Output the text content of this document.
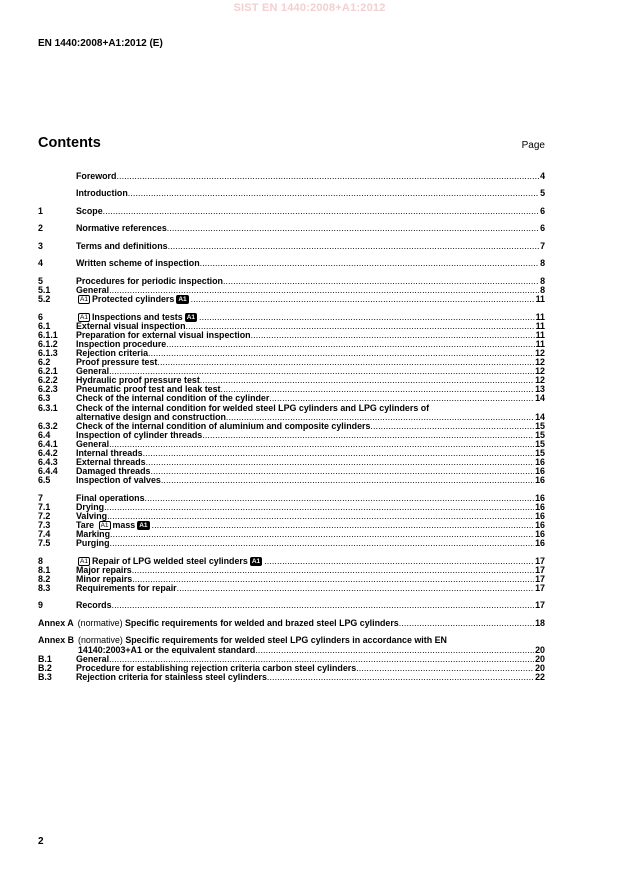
SIST EN 1440:2008+A1:2012
EN 1440:2008+A1:2012 (E)
Contents	Page
Foreword .....	4
Introduction .....	5
1	Scope .....	6
2	Normative references .....	6
3	Terms and definitions .....	7
4	Written scheme of inspection .....	8
5	Procedures for periodic inspection .....	8
5.1	General .....	8
5.2	A1 Protected cylinders A1 .....	11
6	A1 Inspections and tests A1 .....	11
6.1	External visual inspection .....	11
6.1.1	Preparation for external visual inspection .....	11
6.1.2	Inspection procedure .....	11
6.1.3	Rejection criteria .....	12
6.2	Proof pressure test .....	12
6.2.1	General .....	12
6.2.2	Hydraulic proof pressure test .....	12
6.2.3	Pneumatic proof test and leak test .....	13
6.3	Check of the internal condition of the cylinder .....	14
6.3.1	Check of the internal condition for welded steel LPG cylinders and LPG cylinders of
alternative design and construction .....	14
6.3.2	Check of the internal condition of aluminium and composite cylinders .....	15
6.4	Inspection of cylinder threads .....	15
6.4.1	General .....	15
6.4.2	Internal threads .....	15
6.4.3	External threads .....	16
6.4.4	Damaged threads .....	16
6.5	Inspection of valves .....	16
7	Final operations .....	16
7.1	Drying .....	16
7.2	Valving .....	16
7.3	Tare A1 mass A1 .....	16
7.4	Marking .....	16
7.5	Purging .....	16
8	A1 Repair of LPG welded steel cylinders A1 .....	17
8.1	Major repairs .....	17
8.2	Minor repairs .....	17
8.3	Requirements for repair .....	17
9	Records .....	17
Annex A (normative) Specific requirements for welded and brazed steel LPG cylinders .....	18
Annex B (normative) Specific requirements for welded steel LPG cylinders in accordance with EN
14140:2003+A1 or the equivalent standard .....	20
B.1	General .....	20
B.2	Procedure for establishing rejection criteria carbon steel cylinders .....	20
B.3	Rejection criteria for stainless steel cylinders .....	22
2
